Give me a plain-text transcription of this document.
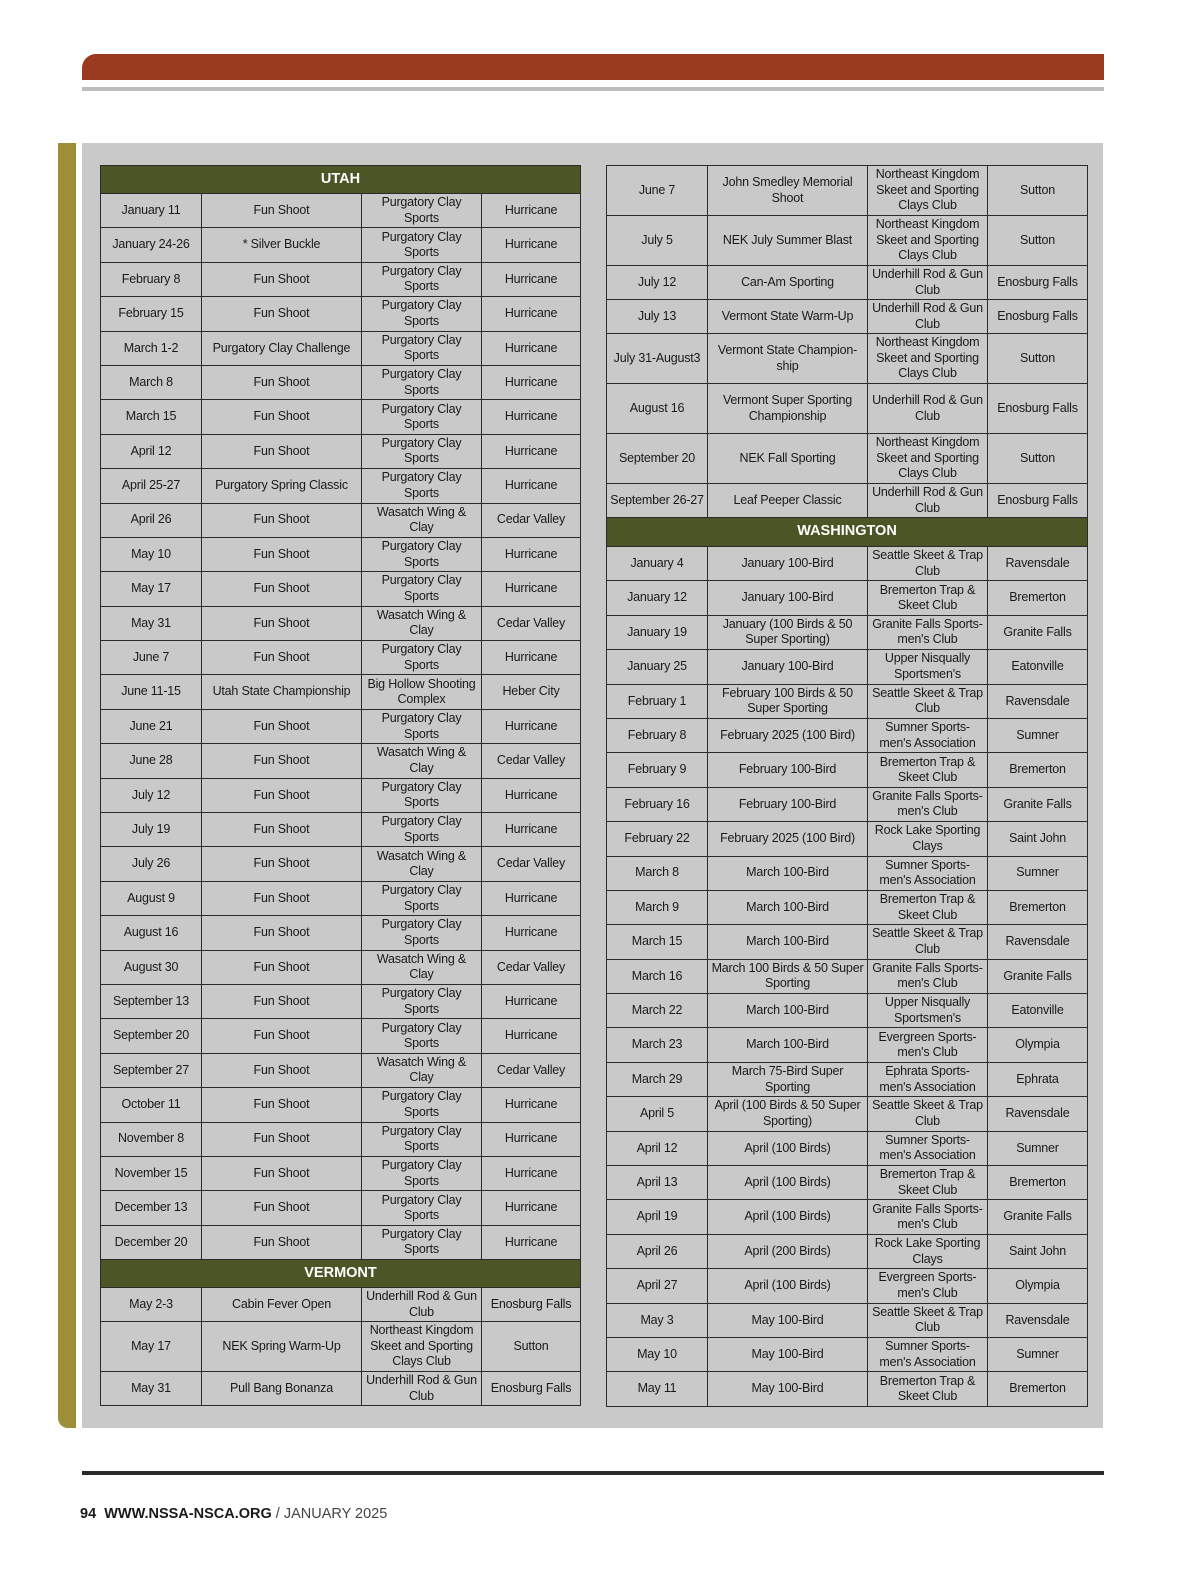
UTAH			
January 11	Fun Shoot	Purgatory Clay Sports	Hurricane
January 24-26	* Silver Buckle	Purgatory Clay Sports	Hurricane
February 8	Fun Shoot	Purgatory Clay Sports	Hurricane
February 15	Fun Shoot	Purgatory Clay Sports	Hurricane
March 1-2	Purgatory Clay Challenge	Purgatory Clay Sports	Hurricane
March 8	Fun Shoot	Purgatory Clay Sports	Hurricane
March 15	Fun Shoot	Purgatory Clay Sports	Hurricane
April 12	Fun Shoot	Purgatory Clay Sports	Hurricane
April 25-27	Purgatory Spring Classic	Purgatory Clay Sports	Hurricane
April 26	Fun Shoot	Wasatch Wing & Clay	Cedar Valley
May 10	Fun Shoot	Purgatory Clay Sports	Hurricane
May 17	Fun Shoot	Purgatory Clay Sports	Hurricane
May 31	Fun Shoot	Wasatch Wing & Clay	Cedar Valley
June 7	Fun Shoot	Purgatory Clay Sports	Hurricane
June 11-15	Utah State Championship	Big Hollow Shooting Complex	Heber City
June 21	Fun Shoot	Purgatory Clay Sports	Hurricane
June 28	Fun Shoot	Wasatch Wing & Clay	Cedar Valley
July 12	Fun Shoot	Purgatory Clay Sports	Hurricane
July 19	Fun Shoot	Purgatory Clay Sports	Hurricane
July 26	Fun Shoot	Wasatch Wing & Clay	Cedar Valley
August 9	Fun Shoot	Purgatory Clay Sports	Hurricane
August 16	Fun Shoot	Purgatory Clay Sports	Hurricane
August 30	Fun Shoot	Wasatch Wing & Clay	Cedar Valley
September 13	Fun Shoot	Purgatory Clay Sports	Hurricane
September 20	Fun Shoot	Purgatory Clay Sports	Hurricane
September 27	Fun Shoot	Wasatch Wing & Clay	Cedar Valley
October 11	Fun Shoot	Purgatory Clay Sports	Hurricane
November 8	Fun Shoot	Purgatory Clay Sports	Hurricane
November 15	Fun Shoot	Purgatory Clay Sports	Hurricane
December 13	Fun Shoot	Purgatory Clay Sports	Hurricane
December 20	Fun Shoot	Purgatory Clay Sports	Hurricane
VERMONT			
May 2-3	Cabin Fever Open	Underhill Rod & Gun Club	Enosburg Falls
May 17	NEK Spring Warm-Up	Northeast Kingdom Skeet and Sporting Clays Club	Sutton
May 31	Pull Bang Bonanza	Underhill Rod & Gun Club	Enosburg Falls
June 7	John Smedley Memorial Shoot	Northeast Kingdom Skeet and Sporting Clays Club	Sutton
July 5	NEK July Summer Blast	Northeast Kingdom Skeet and Sporting Clays Club	Sutton
July 12	Can-Am Sporting	Underhill Rod & Gun Club	Enosburg Falls
July 13	Vermont State Warm-Up	Underhill Rod & Gun Club	Enosburg Falls
July 31-August3	Vermont State Champion-ship	Northeast Kingdom Skeet and Sporting Clays Club	Sutton
August 16	Vermont Super Sporting Championship	Underhill Rod & Gun Club	Enosburg Falls
September 20	NEK Fall Sporting	Northeast Kingdom Skeet and Sporting Clays Club	Sutton
September 26-27	Leaf Peeper Classic	Underhill Rod & Gun Club	Enosburg Falls
WASHINGTON			
January 4	January 100-Bird	Seattle Skeet & Trap Club	Ravensdale
January 12	January 100-Bird	Bremerton Trap & Skeet Club	Bremerton
January 19	January (100 Birds & 50 Super Sporting)	Granite Falls Sports-men's Club	Granite Falls
January 25	January 100-Bird	Upper Nisqually Sportsmen's	Eatonville
February 1	February 100 Birds & 50 Super Sporting	Seattle Skeet & Trap Club	Ravensdale
February 8	February 2025 (100 Bird)	Sumner Sports-men's Association	Sumner
February 9	February 100-Bird	Bremerton Trap & Skeet Club	Bremerton
February 16	February 100-Bird	Granite Falls Sports-men's Club	Granite Falls
February 22	February 2025 (100 Bird)	Rock Lake Sporting Clays	Saint John
March 8	March 100-Bird	Sumner Sports-men's Association	Sumner
March 9	March 100-Bird	Bremerton Trap & Skeet Club	Bremerton
March 15	March 100-Bird	Seattle Skeet & Trap Club	Ravensdale
March 16	March 100 Birds & 50 Super Sporting	Granite Falls Sports-men's Club	Granite Falls
March 22	March 100-Bird	Upper Nisqually Sportsmen's	Eatonville
March 23	March 100-Bird	Evergreen Sports-men's Club	Olympia
March 29	March 75-Bird Super Sporting	Ephrata Sports-men's Association	Ephrata
April 5	April (100 Birds & 50 Super Sporting)	Seattle Skeet & Trap Club	Ravensdale
April 12	April (100 Birds)	Sumner Sports-men's Association	Sumner
April 13	April (100 Birds)	Bremerton Trap & Skeet Club	Bremerton
April 19	April (100 Birds)	Granite Falls Sports-men's Club	Granite Falls
April 26	April (200 Birds)	Rock Lake Sporting Clays	Saint John
April 27	April (100 Birds)	Evergreen Sports-men's Club	Olympia
May 3	May 100-Bird	Seattle Skeet & Trap Club	Ravensdale
May 10	May 100-Bird	Sumner Sports-men's Association	Sumner
May 11	May 100-Bird	Bremerton Trap & Skeet Club	Bremerton
94 WWW.NSSA-NSCA.ORG / JANUARY 2025
